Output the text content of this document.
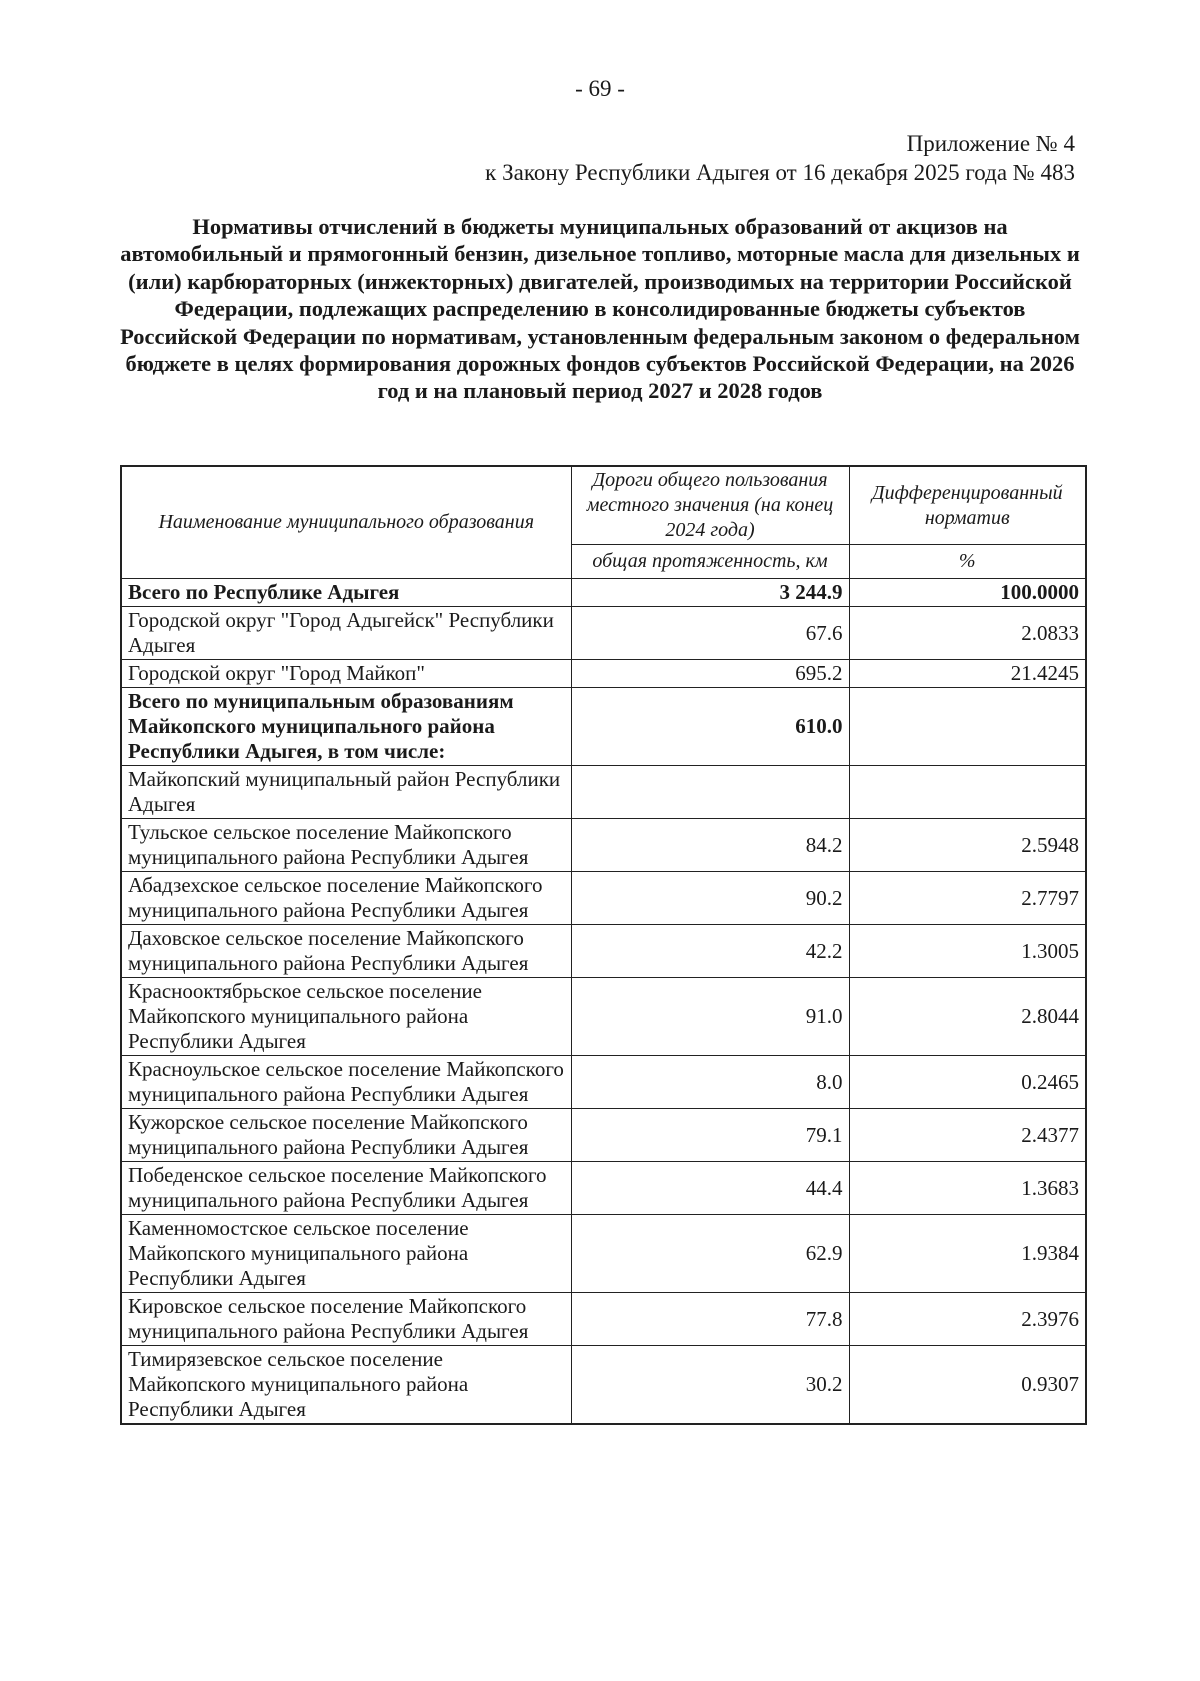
- 69 -
Приложение № 4
к Закону Республики Адыгея от 16 декабря 2025 года № 483
Нормативы отчислений в бюджеты муниципальных образований от акцизов на автомобильный и прямогонный бензин, дизельное топливо, моторные масла для дизельных и (или) карбюраторных (инжекторных) двигателей, производимых на территории Российской Федерации, подлежащих распределению в консолидированные бюджеты субъектов Российской Федерации по нормативам, установленным федеральным законом о федеральном бюджете в целях формирования дорожных фондов субъектов Российской Федерации, на 2026 год и на плановый период 2027 и 2028 годов
Наименование муниципального образования	Дороги общего пользования местного значения (на конец 2024 года)	Дифференцированный норматив
	общая протяженность, км	%
Всего по Республике Адыгея	3 244.9	100.0000
Городской округ "Город Адыгейск" Республики Адыгея	67.6	2.0833
Городской округ "Город Майкоп"	695.2	21.4245
Всего по муниципальным образованиям Майкопского муниципального района Республики Адыгея, в том числе:	610.0	
Майкопский муниципальный район Республики Адыгея		
Тульское сельское поселение Майкопского муниципального района Республики Адыгея	84.2	2.5948
Абадзехское сельское поселение Майкопского муниципального района Республики Адыгея	90.2	2.7797
Даховское сельское поселение Майкопского муниципального района Республики Адыгея	42.2	1.3005
Краснооктябрьское сельское поселение Майкопского муниципального района Республики Адыгея	91.0	2.8044
Красноульское сельское поселение Майкопского муниципального района Республики Адыгея	8.0	0.2465
Кужорское сельское поселение Майкопского муниципального района Республики Адыгея	79.1	2.4377
Победенское сельское поселение Майкопского муниципального района Республики Адыгея	44.4	1.3683
Каменномостское сельское поселение Майкопского муниципального района Республики Адыгея	62.9	1.9384
Кировское сельское поселение Майкопского муниципального района Республики Адыгея	77.8	2.3976
Тимирязевское сельское поселение Майкопского муниципального района Республики Адыгея	30.2	0.9307
